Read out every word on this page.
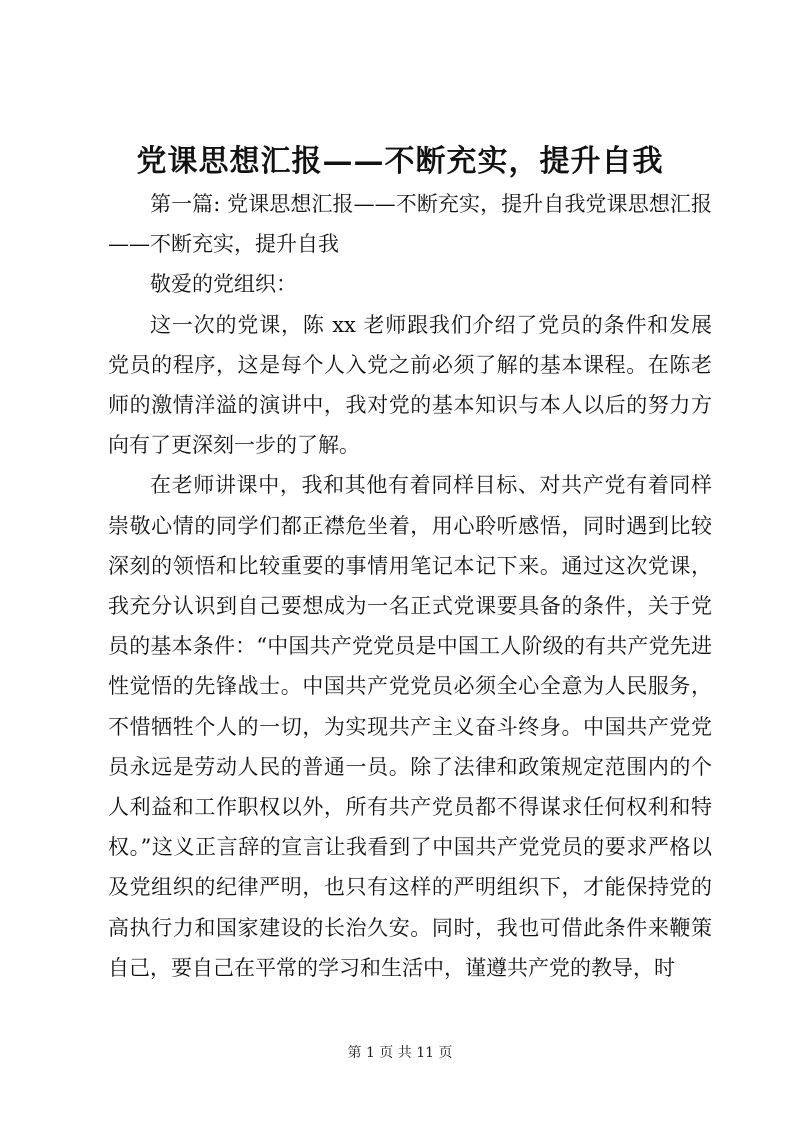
党课思想汇报——不断充实，提升自我

第一篇: 党课思想汇报——不断充实，提升自我党课思想汇报——不断充实，提升自我

敬爱的党组织：

这一次的党课，陈 xx 老师跟我们介绍了党员的条件和发展党员的程序，这是每个人入党之前必须了解的基本课程。在陈老师的激情洋溢的演讲中，我对党的基本知识与本人以后的努力方向有了更深刻一步的了解。

在老师讲课中，我和其他有着同样目标、对共产党有着同样崇敬心情的同学们都正襟危坐着，用心聆听感悟，同时遇到比较深刻的领悟和比较重要的事情用笔记本记下来。通过这次党课，我充分认识到自己要想成为一名正式党课要具备的条件，关于党员的基本条件：“中国共产党党员是中国工人阶级的有共产党先进性觉悟的先锋战士。中国共产党党员必须全心全意为人民服务，不惜牺牲个人的一切，为实现共产主义奋斗终身。中国共产党党员永远是劳动人民的普通一员。除了法律和政策规定范围内的个人利益和工作职权以外，所有共产党员都不得谋求任何权利和特权。”这义正言辞的宣言让我看到了中国共产党党员的要求严格以及党组织的纪律严明，也只有这样的严明组织下，才能保持党的高执行力和国家建设的长治久安。同时，我也可借此条件来鞭策自己，要自己在平常的学习和生活中，谨遵共产党的教导，时

第 1 页 共 11 页
